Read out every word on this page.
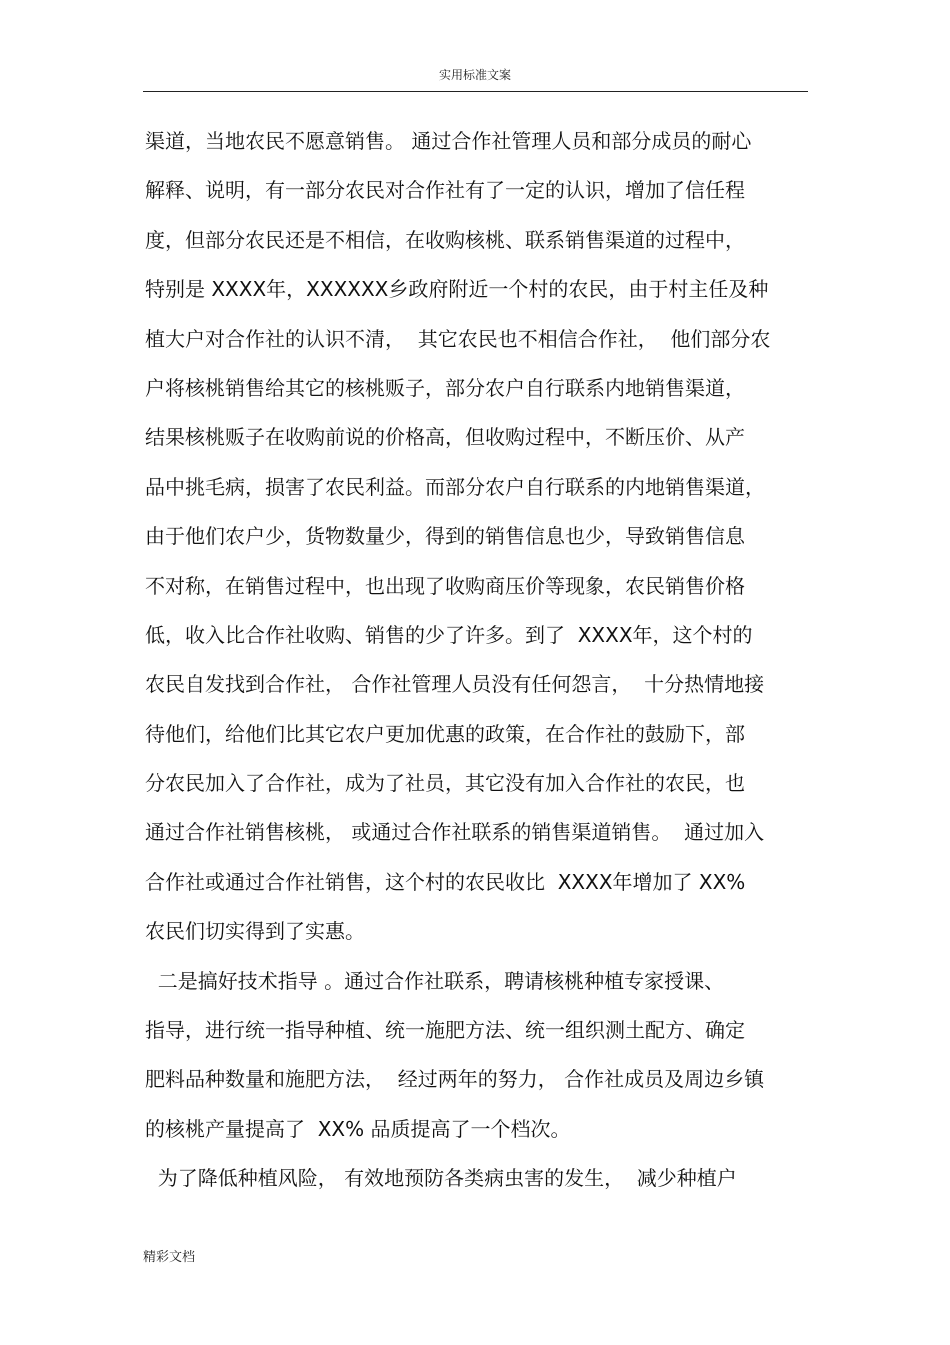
实用标准文案
渠道，当地农民不愿意销售。 通过合作社管理人员和部分成员的耐心
解释、说明，有一部分农民对合作社有了一定的认识，增加了信任程
度，但部分农民还是不相信，在收购核桃、联系销售渠道的过程中，
特别是 XXXX年，XXXXXX乡政府附近一个村的农民，由于村主任及种
植大户对合作社的认识不清，  其它农民也不相信合作社，  他们部分农
户将核桃销售给其它的核桃贩子，部分农户自行联系内地销售渠道，
结果核桃贩子在收购前说的价格高，但收购过程中，不断压价、从产
品中挑毛病，损害了农民利益。而部分农户自行联系的内地销售渠道，
由于他们农户少，货物数量少，得到的销售信息也少，导致销售信息
不对称，在销售过程中，也出现了收购商压价等现象，农民销售价格
低，收入比合作社收购、销售的少了许多。到了  XXXX年，这个村的
农民自发找到合作社， 合作社管理人员没有任何怨言，  十分热情地接
待他们，给他们比其它农户更加优惠的政策，在合作社的鼓励下，部
分农民加入了合作社，成为了社员，其它没有加入合作社的农民，也
通过合作社销售核桃， 或通过合作社联系的销售渠道销售。  通过加入
合作社或通过合作社销售，这个村的农民收比  XXXX年增加了 XX%
农民们切实得到了实惠。
二是搞好技术指导 。通过合作社联系，聘请核桃种植专家授课、
指导，进行统一指导种植、统一施肥方法、统一组织测土配方、确定
肥料品种数量和施肥方法，  经过两年的努力， 合作社成员及周边乡镇
的核桃产量提高了  XX% 品质提高了一个档次。
为了降低种植风险， 有效地预防各类病虫害的发生，  减少种植户
精彩文档
